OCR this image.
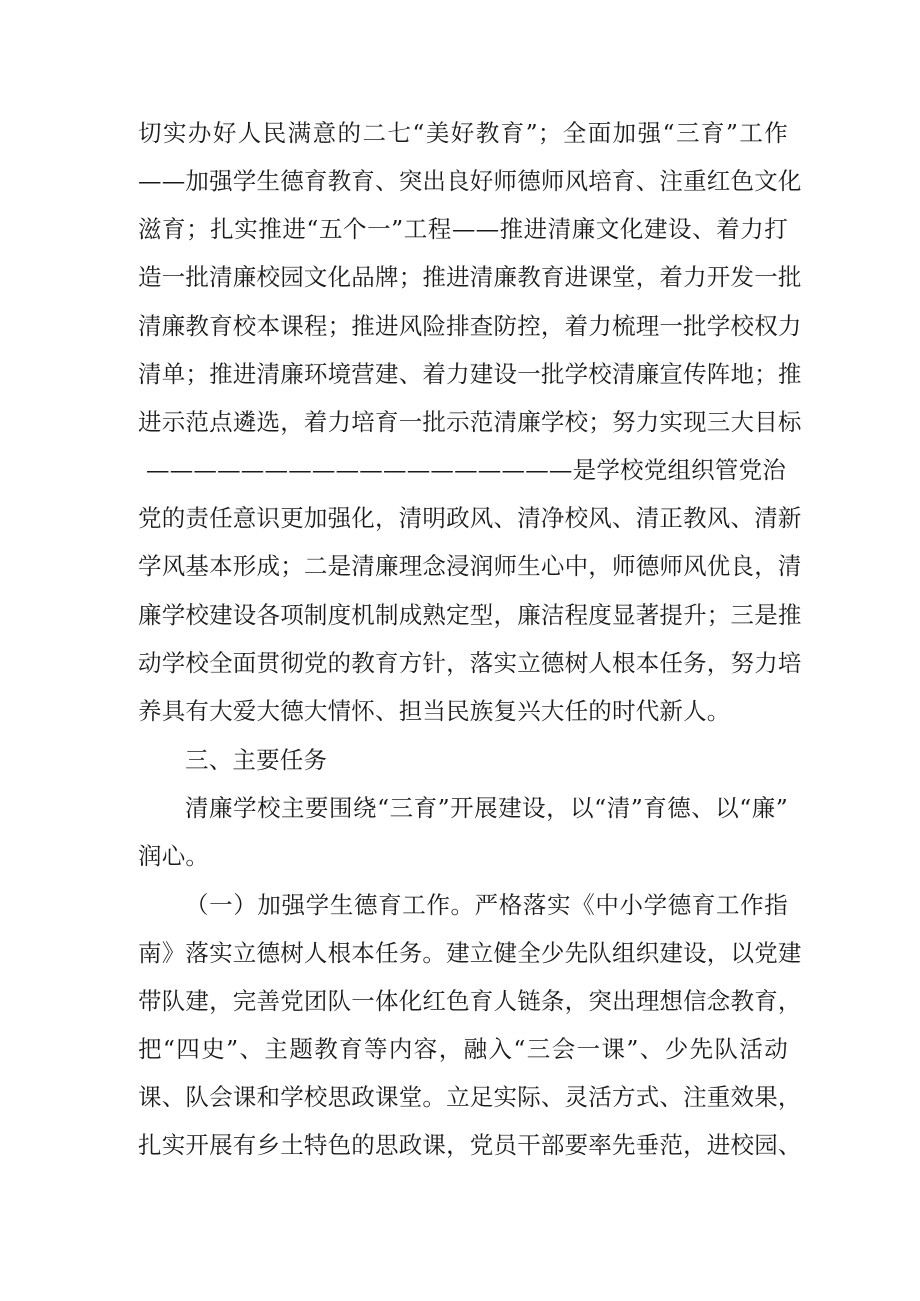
切实办好人民满意的二七“美好教育”；全面加强“三育”工作
——加强学生德育教育、突出良好师德师风培育、注重红色文化
滋育；扎实推进“五个一”工程——推进清廉文化建设、着力打
造一批清廉校园文化品牌；推进清廉教育进课堂，着力开发一批
清廉教育校本课程；推进风险排查防控，着力梳理一批学校权力
清单；推进清廉环境营建、着力建设一批学校清廉宣传阵地；推
进示范点遴选，着力培育一批示范清廉学校；努力实现三大目标
——————————————————是学校党组织管党治
党的责任意识更加强化，清明政风、清净校风、清正教风、清新
学风基本形成；二是清廉理念浸润师生心中，师德师风优良，清
廉学校建设各项制度机制成熟定型，廉洁程度显著提升；三是推
动学校全面贯彻党的教育方针，落实立德树人根本任务，努力培
养具有大爱大德大情怀、担当民族复兴大任的时代新人。
三、主要任务
清廉学校主要围绕“三育”开展建设，以“清”育德、以“廉”
润心。
（一）加强学生德育工作。严格落实《中小学德育工作指
南》落实立德树人根本任务。建立健全少先队组织建设，以党建
带队建，完善党团队一体化红色育人链条，突出理想信念教育，
把“四史”、主题教育等内容，融入“三会一课”、少先队活动
课、队会课和学校思政课堂。立足实际、灵活方式、注重效果，
扎实开展有乡土特色的思政课，党员干部要率先垂范，进校园、
